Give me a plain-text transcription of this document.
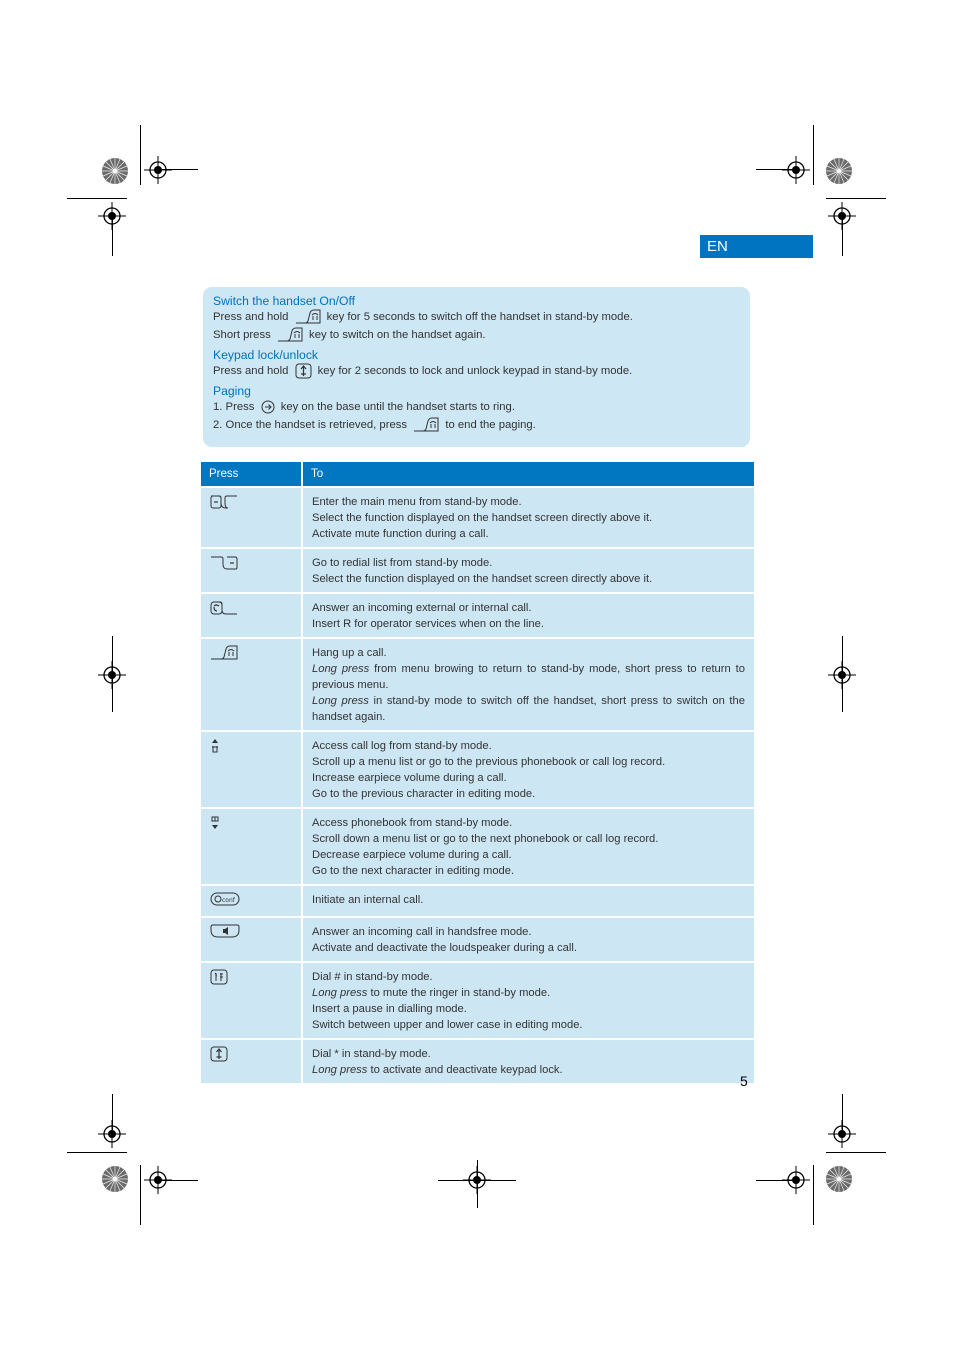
EN
Switch the handset On/Off
Press and hold	key for 5 seconds to switch off the handset in stand-by mode.
Short press	key to switch on the handset again.
Keypad lock/unlock
Press and hold	key for 2 seconds to lock and unlock keypad in stand-by mode.
Paging
1. Press key on the base until the handset starts to ring.
2. Once the handset is retrieved, press	to end the paging.
Press	To

Enter the main menu from stand-by mode.
Select the function displayed on the handset screen directly above it.
Activate mute function during a call.

Go to redial list from stand-by mode.
Select the function displayed on the handset screen directly above it.

Answer an incoming external or internal call.
Insert R for operator services when on the line.

Hang up a call.
Long press from menu browing to return to stand-by mode, short press to return to previous menu.
Long press in stand-by mode to switch off the handset, short press to switch on the handset again.

Access call log from stand-by mode.
Scroll up a menu list or go to the previous phonebook or call log record.
Increase earpiece volume during a call.
Go to the previous character in editing mode.

Access phonebook from stand-by mode.
Scroll down a menu list or go to the next phonebook or call log record.
Decrease earpiece volume during a call.
Go to the next character in editing mode.

conf	Initiate an internal call.

Answer an incoming call in handsfree mode.
Activate and deactivate the loudspeaker during a call.

Dial # in stand-by mode.
Long press to mute the ringer in stand-by mode.
Insert a pause in dialling mode.
Switch between upper and lower case in editing mode.

Dial * in stand-by mode.
Long press to activate and deactivate keypad lock.
5
